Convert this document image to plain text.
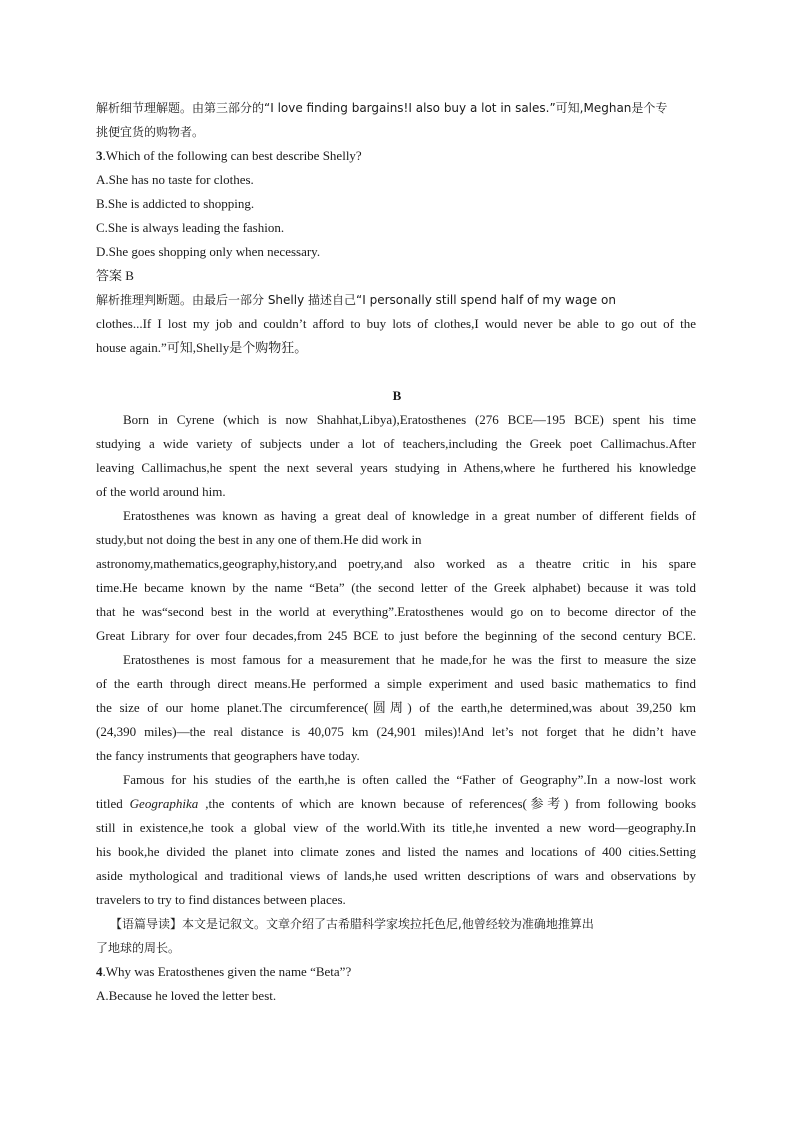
解析细节理解题。由第三部分的“I love finding bargains!I also buy a lot in sales.”可知,Meghan是个专
挑便宜货的购物者。
3.Which of the following can best describe Shelly?
A.She has no taste for clothes.
B.She is addicted to shopping.
C.She is always leading the fashion.
D.She goes shopping only when necessary.
答案 B
解析推理判断题。由最后一部分 Shelly 描述自己“I personally still spend half of my wage on
clothes...If I lost my job and couldn’t afford to buy lots of clothes,I would never be able to go out of the
house again.”可知,Shelly是个购物狂。
B
Born in Cyrene (which is now Shahhat,Libya),Eratosthenes (276 BCE—195 BCE) spent his time
studying a wide variety of subjects under a lot of teachers,including the Greek poet Callimachus.After
leaving Callimachus,he spent the next several years studying in Athens,where he furthered his knowledge
of the world around him.
Eratosthenes was known as having a great deal of knowledge in a great number of different fields of
study,but not doing the best in any one of them.He did work in
astronomy,mathematics,geography,history,and poetry,and also worked as a theatre critic in his spare
time.He became known by the name “Beta” (the second letter of the Greek alphabet) because it was told
that he was“second best in the world at everything”.Eratosthenes would go on to become director of the
Great Library for over four decades,from 245 BCE to just before the beginning of the second century BCE.
Eratosthenes is most famous for a measurement that he made,for he was the first to measure the size
of the earth through direct means.He performed a simple experiment and used basic mathematics to find
the size of our home planet.The circumference(圆周) of the earth,he determined,was about 39,250 km
(24,390 miles)—the real distance is 40,075 km (24,901 miles)!And let’s not forget that he didn’t have
the fancy instruments that geographers have today.
Famous for his studies of the earth,he is often called the “Father of Geography”.In a now-lost work
titled Geographika ,the contents of which are known because of references(参考) from following books
still in existence,he took a global view of the world.With its title,he invented a new word—geography.In
his book,he divided the planet into climate zones and listed the names and locations of 400 cities.Setting
aside mythological and traditional views of lands,he used written descriptions of wars and observations by
travelers to try to find distances between places.
【语篇导读】本文是记叙文。文章介绍了古希腊科学家埃拉托色尼,他曾经较为准确地推算出
了地球的周长。
4.Why was Eratosthenes given the name “Beta”?
A.Because he loved the letter best.
